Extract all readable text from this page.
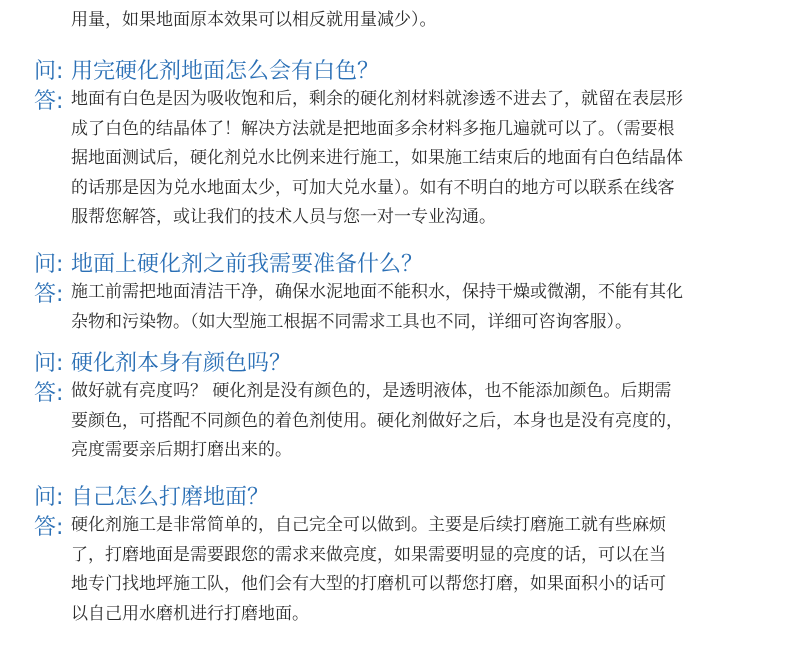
用量，如果地面原本效果可以相反就用量减少）。
问: 用完硬化剂地面怎么会有白色？
答: 地面有白色是因为吸收饱和后，剩余的硬化剂材料就渗透不进去了，就留在表层形
成了白色的结晶体了！解决方法就是把地面多余材料多拖几遍就可以了。（需要根
据地面测试后，硬化剂兑水比例来进行施工，如果施工结束后的地面有白色结晶体
的话那是因为兑水地面太少，可加大兑水量）。如有不明白的地方可以联系在线客
服帮您解答，或让我们的技术人员与您一对一专业沟通。
问: 地面上硬化剂之前我需要准备什么？
答: 施工前需把地面清洁干净，确保水泥地面不能积水，保持干燥或微潮，不能有其化
杂物和污染物。（如大型施工根据不同需求工具也不同，详细可咨询客服）。
问: 硬化剂本身有颜色吗？
答: 做好就有亮度吗？ 硬化剂是没有颜色的，是透明液体，也不能添加颜色。后期需
要颜色，可搭配不同颜色的着色剂使用。硬化剂做好之后，本身也是没有亮度的，
亮度需要亲后期打磨出来的。
问: 自己怎么打磨地面？
答: 硬化剂施工是非常简单的，自己完全可以做到。主要是后续打磨施工就有些麻烦
了，打磨地面是需要跟您的需求来做亮度，如果需要明显的亮度的话，可以在当
地专门找地坪施工队，他们会有大型的打磨机可以帮您打磨，如果面积小的话可
以自己用水磨机进行打磨地面。
